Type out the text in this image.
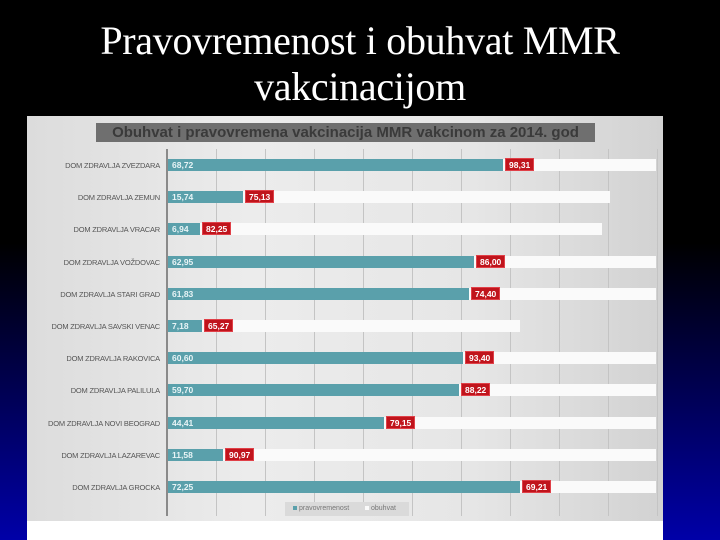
Pravovremenost i obuhvat MMR
vakcinacijom
Obuhvat i pravovremena vakcinacija MMR vakcinom za 2014. god
DOM ZDRAVLJA ZVEZDARA 68,72	98,31
DOM ZDRAVLJA ZEMUN 15,74	75,13
DOM ZDRAVLJA VRACAR 6,94	82,25
DOM ZDRAVLJA VOŽDOVAC 62,95	86,00
DOM ZDRAVLJA STARI GRAD 61,83	74,40
DOM ZDRAVLJA SAVSKI VENAC 7,18	65,27
DOM ZDRAVLJA RAKOVICA 60,60	93,40
DOM ZDRAVLJA PALILULA 59,70	88,22
DOM ZDRAVLJA NOVI BEOGRAD 44,41	79,15
DOM ZDRAVLJA LAZAREVAC 11,58	90,97
DOM ZDRAVLJA GROCKA 72,25	69,21
pravovremenost	obuhvat
